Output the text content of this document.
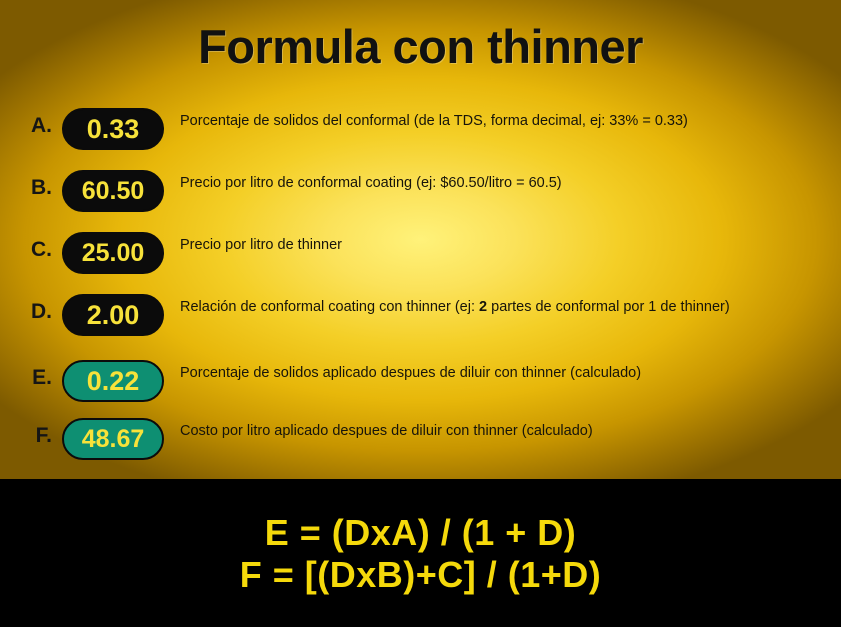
Formula con thinner
A.	0.33	Porcentaje de solidos del conformal (de la TDS, forma decimal, ej: 33% = 0.33)
B.	60.50	Precio por litro de conformal coating (ej: $60.50/litro = 60.5)
C.	25.00	Precio por litro de thinner
D.	2.00	Relación de conformal coating con thinner (ej: 2 partes de conformal por 1 de thinner)
E.	0.22	Porcentaje de solidos aplicado despues de diluir con thinner (calculado)
F.	48.67	Costo por litro aplicado despues de diluir con thinner (calculado)
E = (DxA) / (1 + D)
F = [(DxB)+C] / (1+D)
